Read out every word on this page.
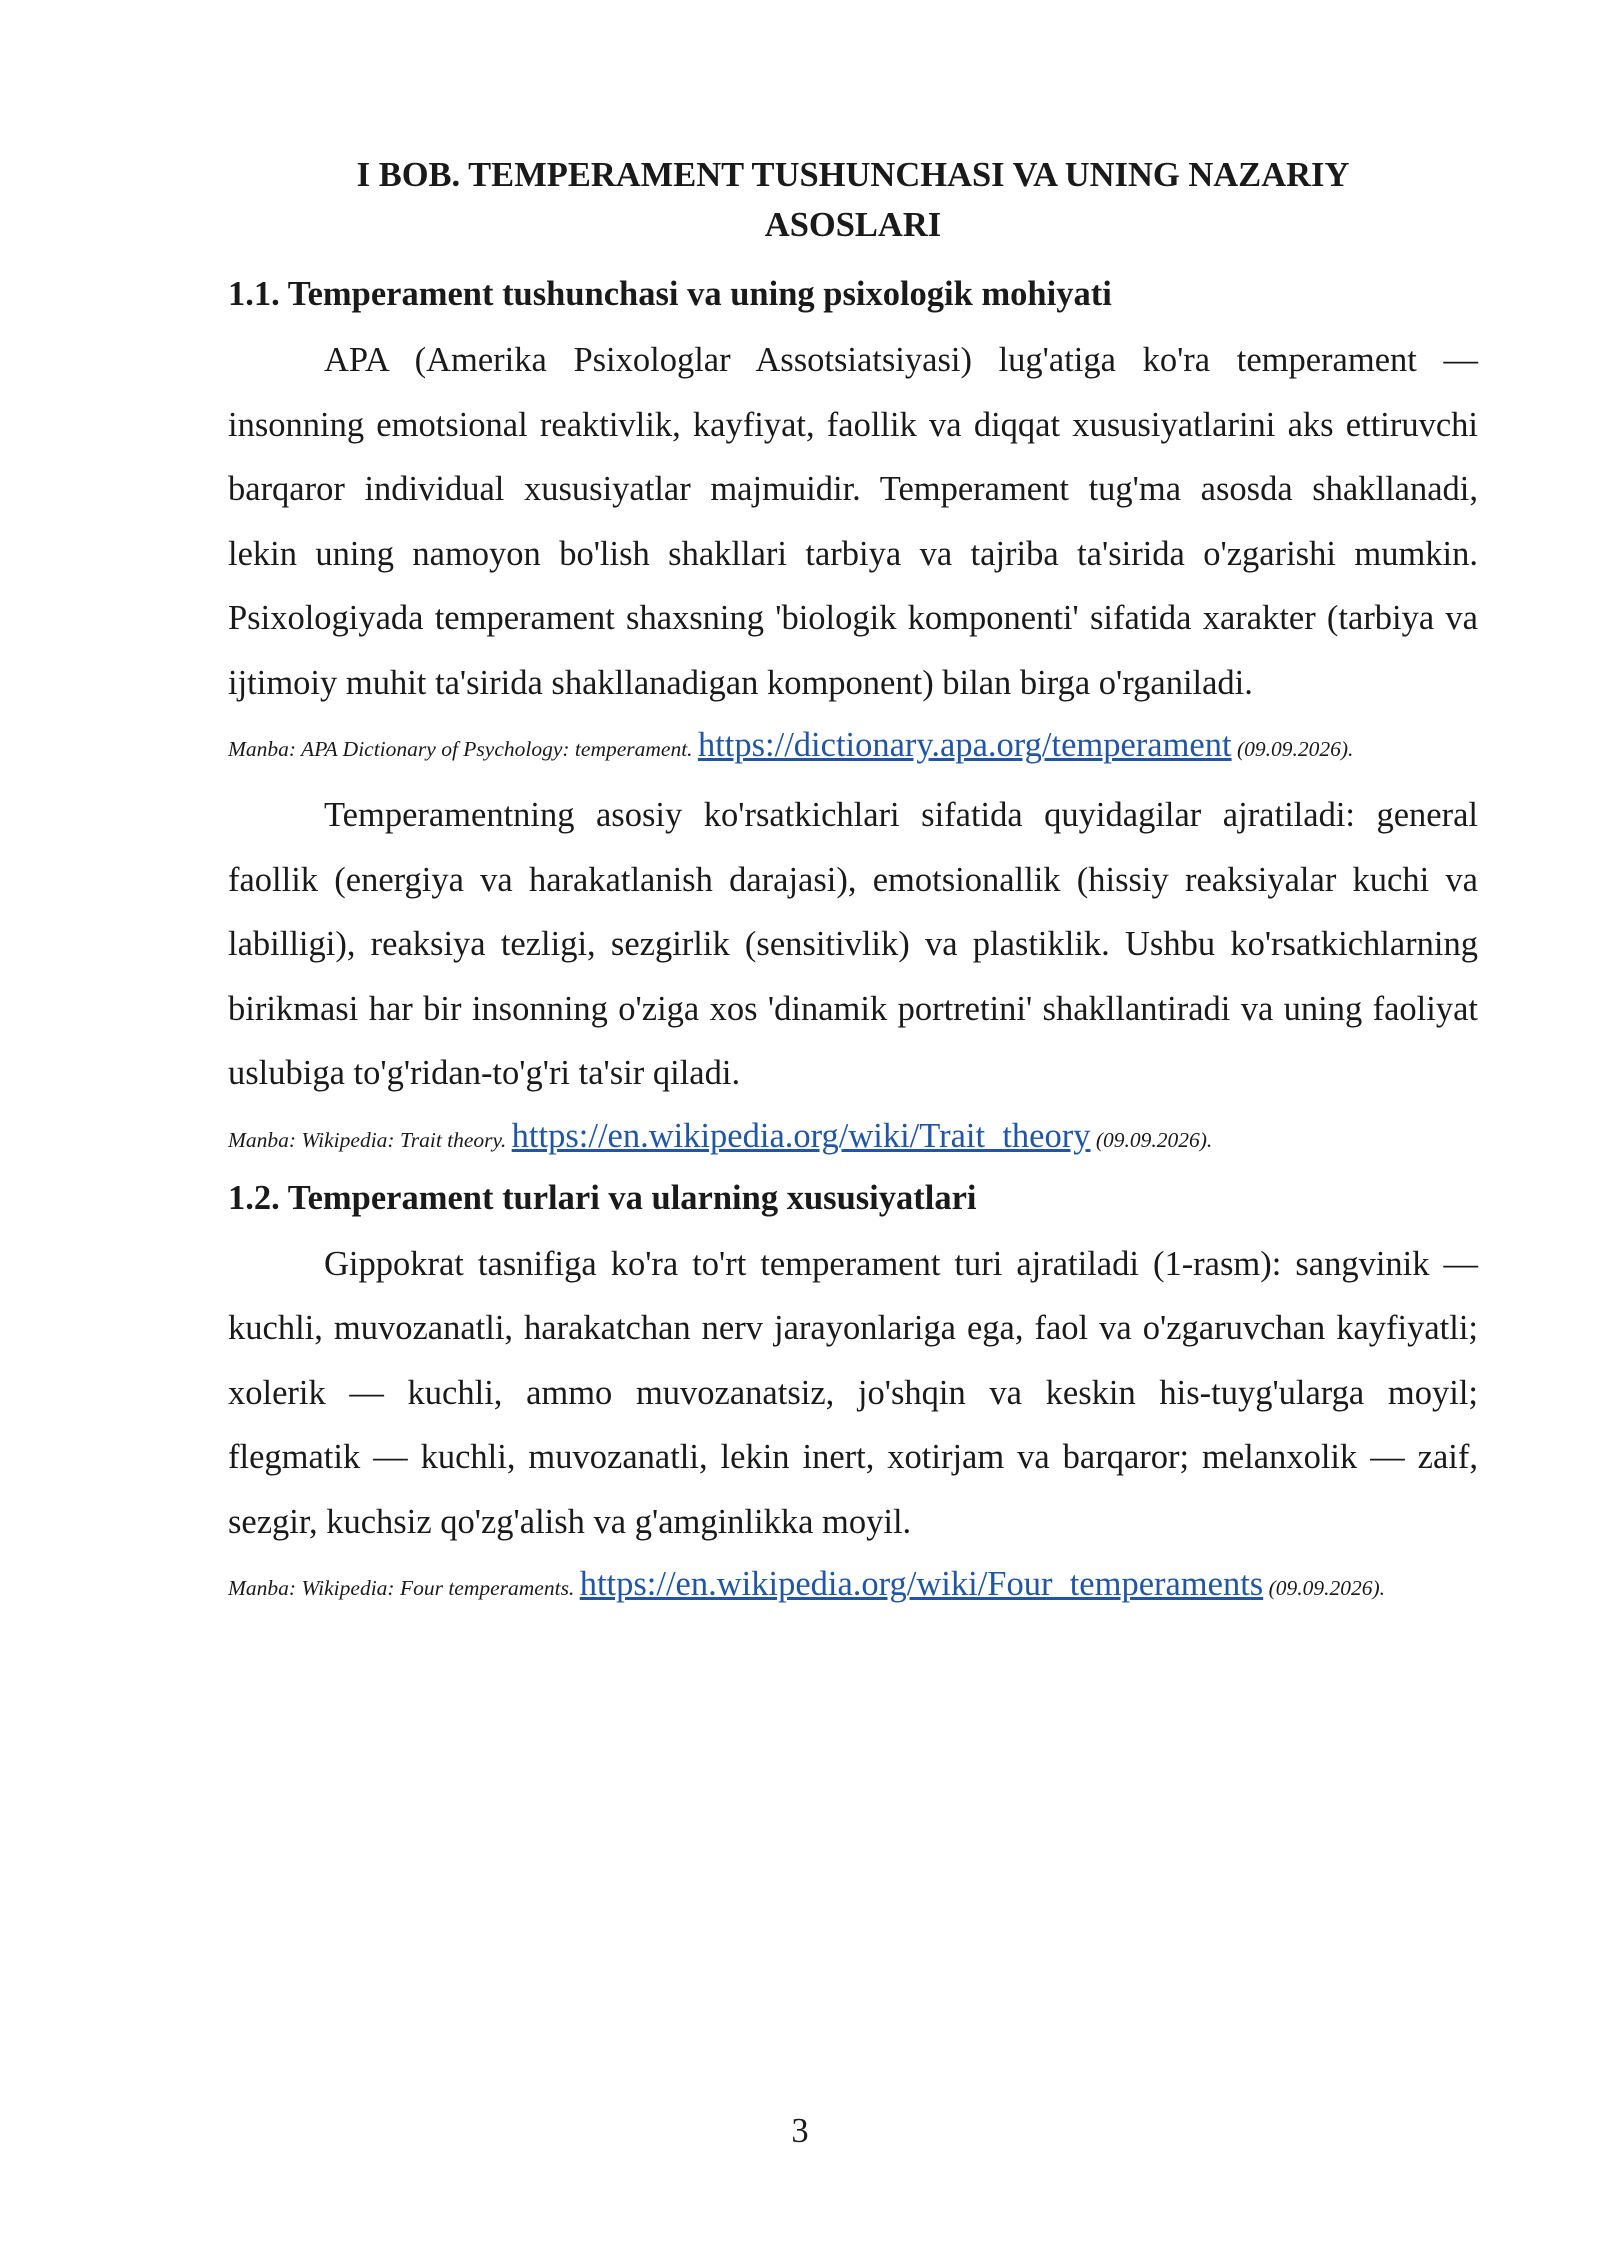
I BOB. TEMPERAMENT TUSHUNCHASI VA UNING NAZARIY ASOSLARI
1.1. Temperament tushunchasi va uning psixologik mohiyati

APA (Amerika Psixologlar Assotsiatsiyasi) lug'atiga ko'ra temperament — insonning emotsional reaktivlik, kayfiyat, faollik va diqqat xususiyatlarini aks ettiruvchi barqaror individual xususiyatlar majmuidir. Temperament tug'ma asosda shakllanadi, lekin uning namoyon bo'lish shakllari tarbiya va tajriba ta'sirida o'zgarishi mumkin. Psixologiyada temperament shaxsning 'biologik komponenti' sifatida xarakter (tarbiya va ijtimoiy muhit ta'sirida shakllanadigan komponent) bilan birga o'rganiladi.

Manba: APA Dictionary of Psychology: temperament. https://dictionary.apa.org/temperament (09.09.2026).

Temperamentning asosiy ko'rsatkichlari sifatida quyidagilar ajratiladi: general faollik (energiya va harakatlanish darajasi), emotsionallik (hissiy reaksiyalar kuchi va labilligi), reaksiya tezligi, sezgirlik (sensitivlik) va plastiklik. Ushbu ko'rsatkichlarning birikmasi har bir insonning o'ziga xos 'dinamik portretini' shakllantiradi va uning faoliyat uslubiga to'g'ridan-to'g'ri ta'sir qiladi.

Manba: Wikipedia: Trait theory. https://en.wikipedia.org/wiki/Trait_theory (09.09.2026).

1.2. Temperament turlari va ularning xususiyatlari

Gippokrat tasnifiga ko'ra to'rt temperament turi ajratiladi (1-rasm): sangvinik — kuchli, muvozanatli, harakatchan nerv jarayonlariga ega, faol va o'zgaruvchan kayfiyatli; xolerik — kuchli, ammo muvozanatsiz, jo'shqin va keskin his-tuyg'ularga moyil; flegmatik — kuchli, muvozanatli, lekin inert, xotirjam va barqaror; melanxolik — zaif, sezgir, kuchsiz qo'zg'alish va g'amginlikka moyil.

Manba: Wikipedia: Four temperaments. https://en.wikipedia.org/wiki/Four_temperaments (09.09.2026).

3
